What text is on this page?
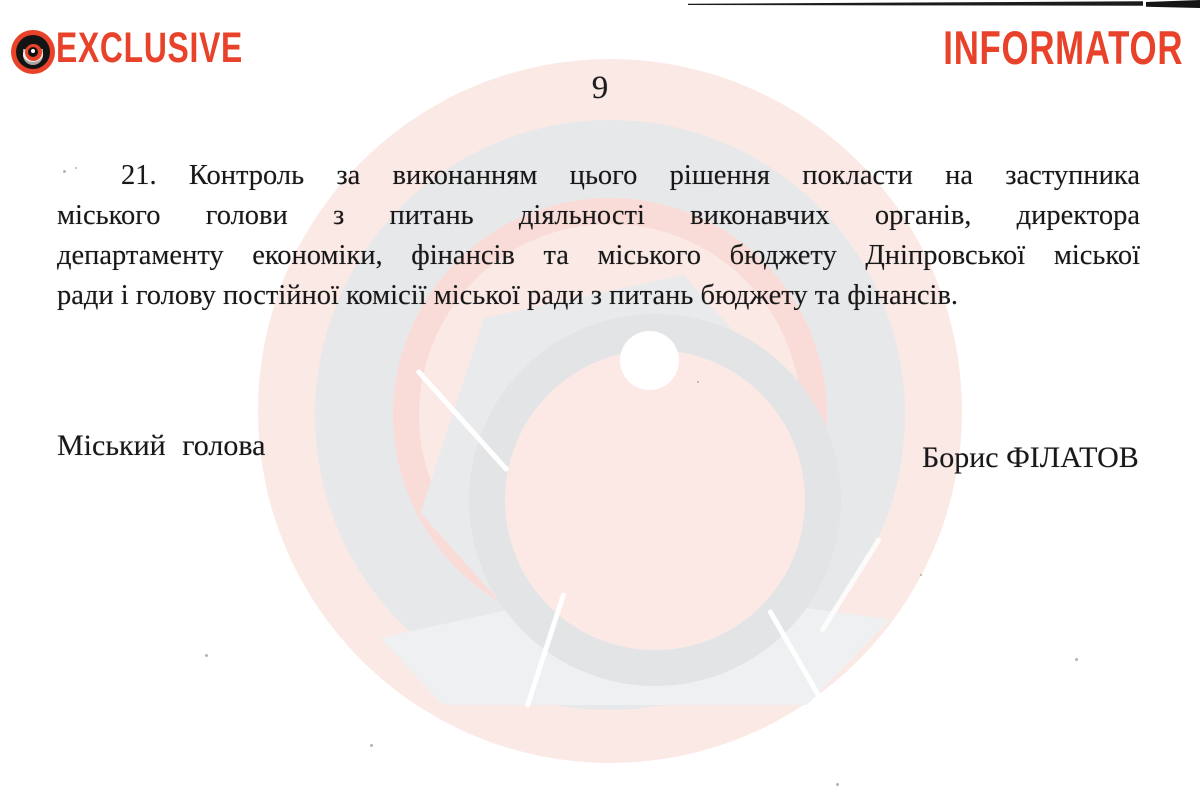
EXCLUSIVE	INFORMATOR
9
21. Контроль за виконанням цього рішення покласти на заступника
міського голови з питань діяльності виконавчих органів, директора
департаменту економіки, фінансів та міського бюджету Дніпровської міської
ради і голову постійної комісії міської ради з питань бюджету та фінансів.
Міський голова	Борис ФІЛАТОВ
